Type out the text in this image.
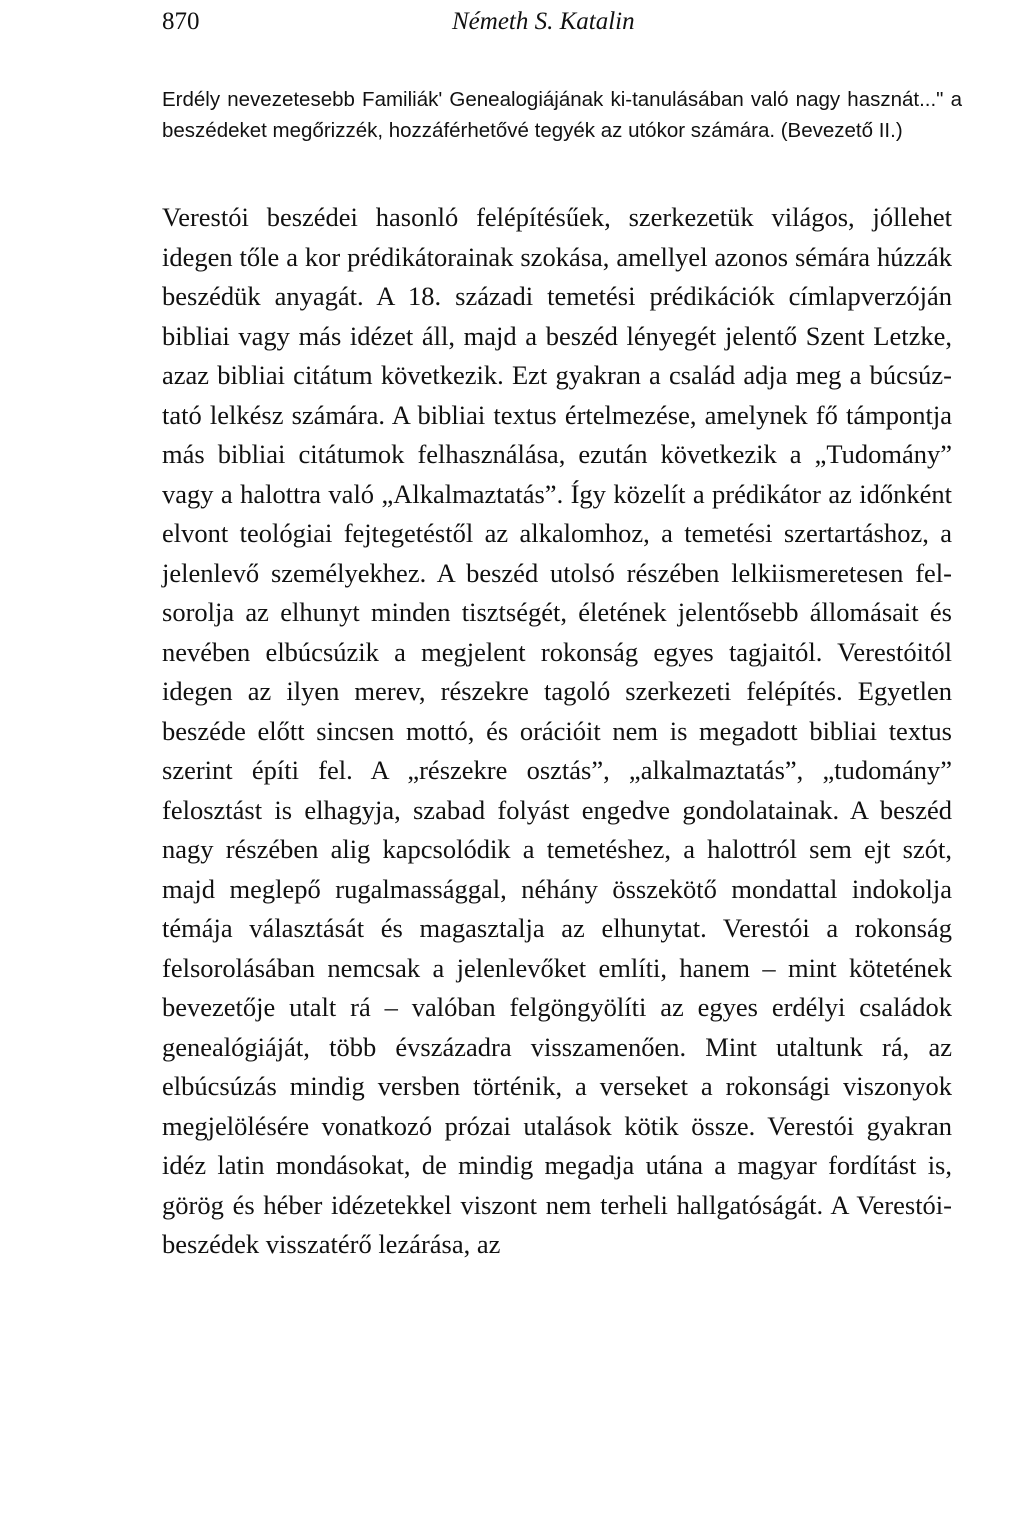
870	Németh S. Katalin

Erdély nevezetesebb Familiák' Genealogiájának ki-tanulásában való nagy hasznát..." a beszédeket megőrizzék, hozzáférhetővé tegyék az utókor számára. (Bevezető II.)

Verestói beszédei hasonló felépítésűek, szerkezetük világos, jóllehet idegen tőle a kor prédikátorainak szokása, amellyel azonos sémára húzzák beszédük anyagát. A 18. századi temetési prédikációk címlapverzóján bibliai vagy más idézet áll, majd a beszéd lényegét jelentő Szent Letzke, azaz bibliai citátum következik. Ezt gyakran a család adja meg a búcsúztató lelkész számára. A bibliai textus értelmezése, amelynek fő támpontja más bibliai citátumok felhasználása, ezután következik a „Tudomány” vagy a halottra való „Alkalmaztatás”. Így közelít a prédikátor az időnként elvont teológiai fejtegetéstől az alkalomhoz, a temetési szertartáshoz, a jelenlevő személyekhez. A beszéd utolsó részében lelkiismeretesen felsorolja az elhunyt minden tisztségét, életének jelentősebb állomásait és nevében elbúcsúzik a megjelent rokonság egyes tagjaitól. Verestóitól idegen az ilyen merev, részekre tagoló szerkezeti felépítés. Egyetlen beszéde előtt sincsen mottó, és orációit nem is megadott bibliai textus szerint építi fel. A „részekre osztás”, „alkalmaztatás”, „tudomány” felosztást is elhagyja, szabad folyást engedve gondolatainak. A beszéd nagy részében alig kapcsolódik a temetéshez, a halottról sem ejt szót, majd meglepő rugalmassággal, néhány összekötő mondattal indokolja témája választását és magasztalja az elhunytat. Verestói a rokonság felsorolásában nemcsak a jelenlevőket említi, hanem – mint kötetének bevezetője utalt rá – valóban felgöngyölíti az egyes erdélyi családok genealógiáját, több évszázadra visszamenően. Mint utaltunk rá, az elbúcsúzás mindig versben történik, a verseket a rokonsági viszonyok megjelölésére vonatkozó prózai utalások kötik össze. Verestói gyakran idéz latin mondásokat, de mindig megadja utána a magyar fordítást is, görög és héber idézetekkel viszont nem terheli hallgatóságát. A Verestói-beszédek visszatérő lezárása, az
